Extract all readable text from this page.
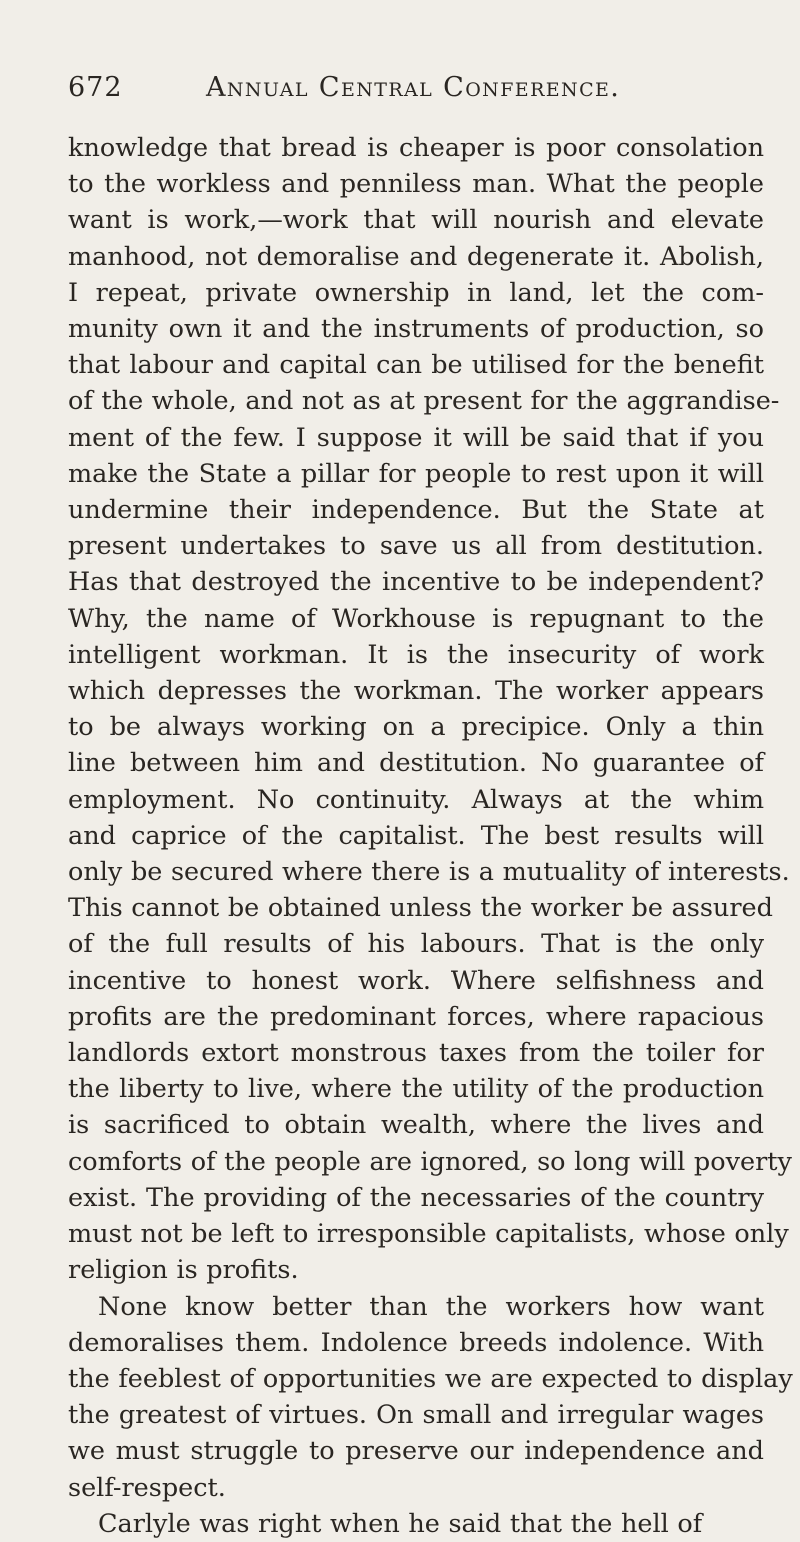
672	Annual Central Conference.
knowledge that bread is cheaper is poor consolation
to the workless and penniless man. What the people
want is work,—work that will nourish and elevate
manhood, not demoralise and degenerate it. Abolish,
I repeat, private ownership in land, let the com-
munity own it and the instruments of production, so
that labour and capital can be utilised for the benefit
of the whole, and not as at present for the aggrandise-
ment of the few. I suppose it will be said that if you
make the State a pillar for people to rest upon it will
undermine their independence. But the State at
present undertakes to save us all from destitution.
Has that destroyed the incentive to be independent?
Why, the name of Workhouse is repugnant to the
intelligent workman. It is the insecurity of work
which depresses the workman. The worker appears
to be always working on a precipice. Only a thin
line between him and destitution. No guarantee of
employment. No continuity. Always at the whim
and caprice of the capitalist. The best results will
only be secured where there is a mutuality of interests.
This cannot be obtained unless the worker be assured
of the full results of his labours. That is the only
incentive to honest work. Where selfishness and
profits are the predominant forces, where rapacious
landlords extort monstrous taxes from the toiler for
the liberty to live, where the utility of the production
is sacrificed to obtain wealth, where the lives and
comforts of the people are ignored, so long will poverty
exist. The providing of the necessaries of the country
must not be left to irresponsible capitalists, whose only
religion is profits.
None know better than the workers how want
demoralises them. Indolence breeds indolence. With
the feeblest of opportunities we are expected to display
the greatest of virtues. On small and irregular wages
we must struggle to preserve our independence and
self-respect.
Carlyle was right when he said that the hell of
